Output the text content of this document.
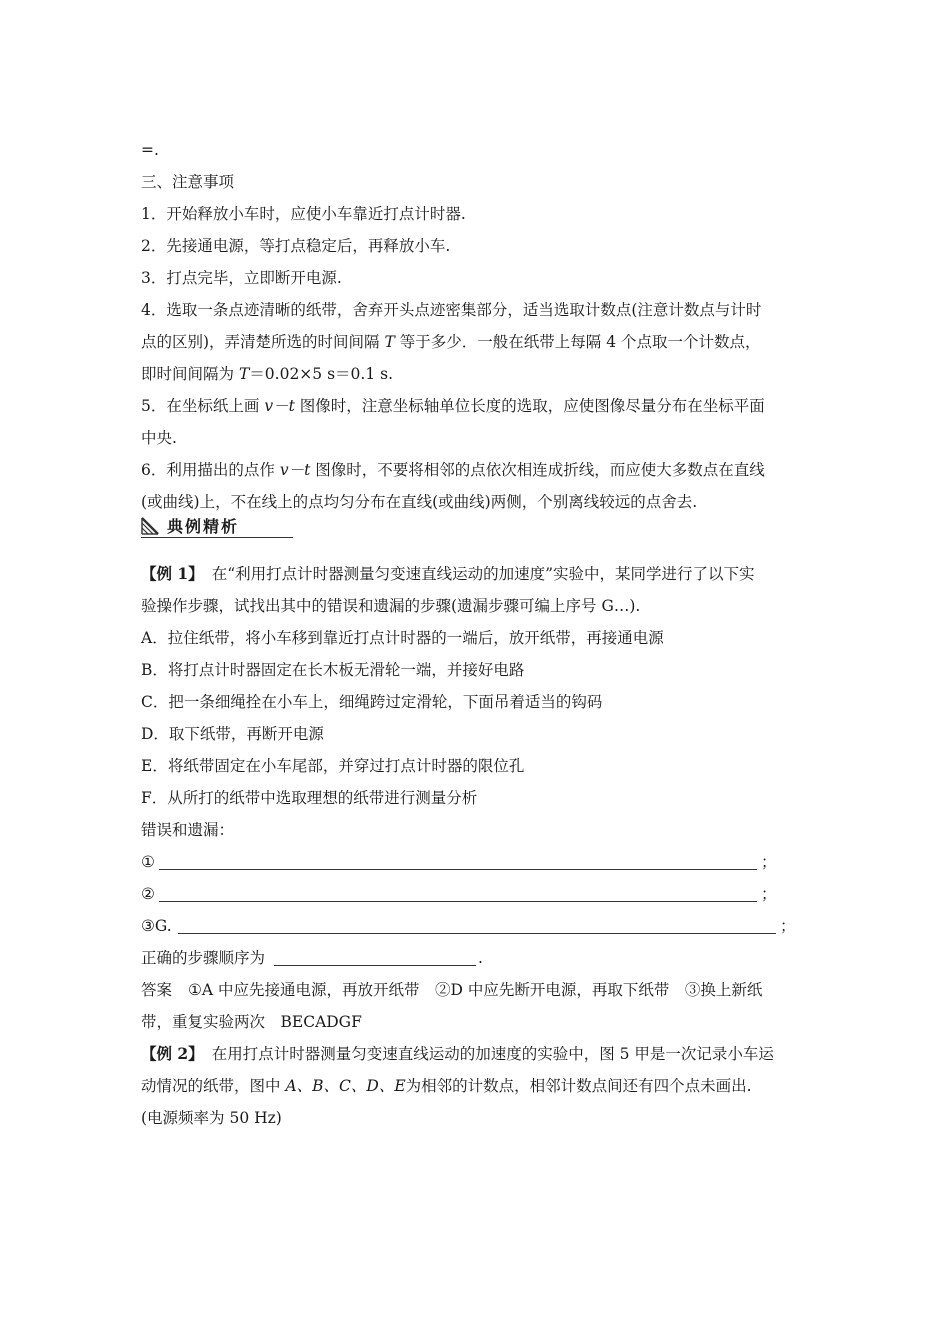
=.
三、注意事项
1．开始释放小车时，应使小车靠近打点计时器.
2．先接通电源，等打点稳定后，再释放小车.
3．打点完毕，立即断开电源.
4．选取一条点迹清晰的纸带，舍弃开头点迹密集部分，适当选取计数点(注意计数点与计时
点的区别)，弄清楚所选的时间间隔 T 等于多少．一般在纸带上每隔 4 个点取一个计数点，
即时间间隔为 T＝0.02×5 s＝0.1 s.
5．在坐标纸上画 v－t 图像时，注意坐标轴单位长度的选取，应使图像尽量分布在坐标平面
中央.
6．利用描出的点作 v－t 图像时，不要将相邻的点依次相连成折线，而应使大多数点在直线
(或曲线)上，不在线上的点均匀分布在直线(或曲线)两侧，个别离线较远的点舍去.
典例精析
【例 1】 在“利用打点计时器测量匀变速直线运动的加速度”实验中，某同学进行了以下实
验操作步骤，试找出其中的错误和遗漏的步骤(遗漏步骤可编上序号 G…).
A．拉住纸带，将小车移到靠近打点计时器的一端后，放开纸带，再接通电源
B．将打点计时器固定在长木板无滑轮一端，并接好电路
C．把一条细绳拴在小车上，细绳跨过定滑轮，下面吊着适当的钩码
D．取下纸带，再断开电源
E．将纸带固定在小车尾部，并穿过打点计时器的限位孔
F．从所打的纸带中选取理想的纸带进行测量分析
错误和遗漏：
①	；
②	；
③G.	；
正确的步骤顺序为	.
答案 ①A 中应先接通电源，再放开纸带　②D 中应先断开电源，再取下纸带　③换上新纸
带，重复实验两次　BECADGF
【例 2】 在用打点计时器测量匀变速直线运动的加速度的实验中，图 5 甲是一次记录小车运
动情况的纸带，图中 A、B、C、D、E为相邻的计数点，相邻计数点间还有四个点未画出.
(电源频率为 50 Hz)
